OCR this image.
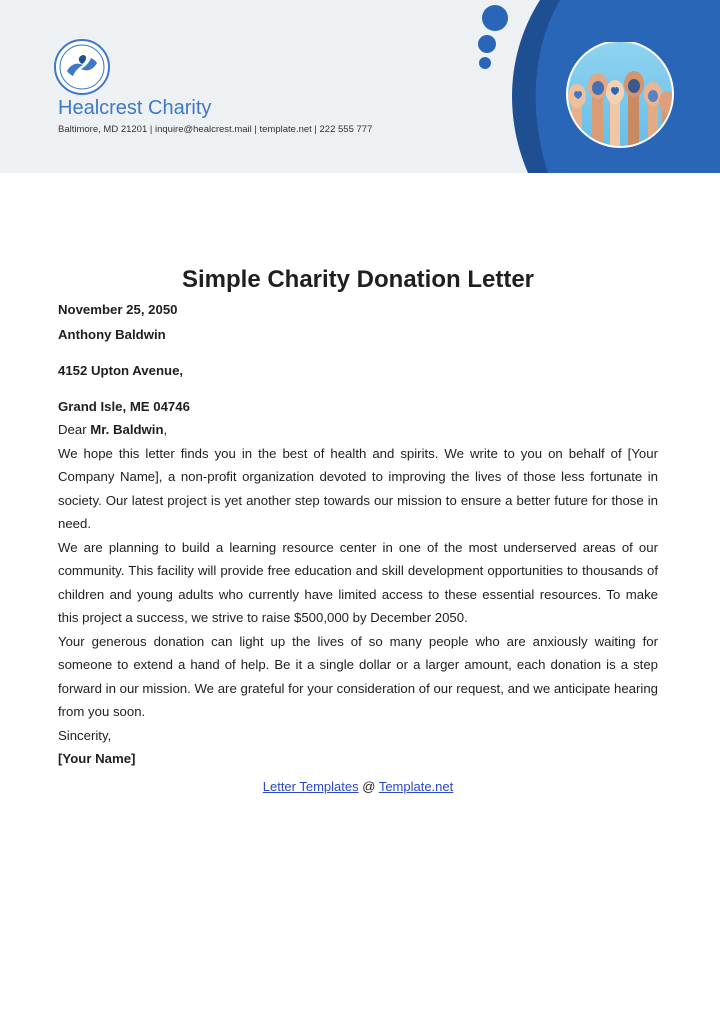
Healcrest Charity
Baltimore, MD 21201 | inquire@healcrest.mail | template.net | 222 555 777
Simple Charity Donation Letter

November 25, 2050

Anthony Baldwin

4152 Upton Avenue,

Grand Isle, ME 04746

Dear Mr. Baldwin,

We hope this letter finds you in the best of health and spirits. We write to you on behalf of [Your Company Name], a non-profit organization devoted to improving the lives of those less fortunate in society. Our latest project is yet another step towards our mission to ensure a better future for those in need.

We are planning to build a learning resource center in one of the most underserved areas of our community. This facility will provide free education and skill development opportunities to thousands of children and young adults who currently have limited access to these essential resources. To make this project a success, we strive to raise $500,000 by December 2050.

Your generous donation can light up the lives of so many people who are anxiously waiting for someone to extend a hand of help. Be it a single dollar or a larger amount, each donation is a step forward in our mission. We are grateful for your consideration of our request, and we anticipate hearing from you soon.

Sincerity,

[Your Name]

Letter Templates @ Template.net
